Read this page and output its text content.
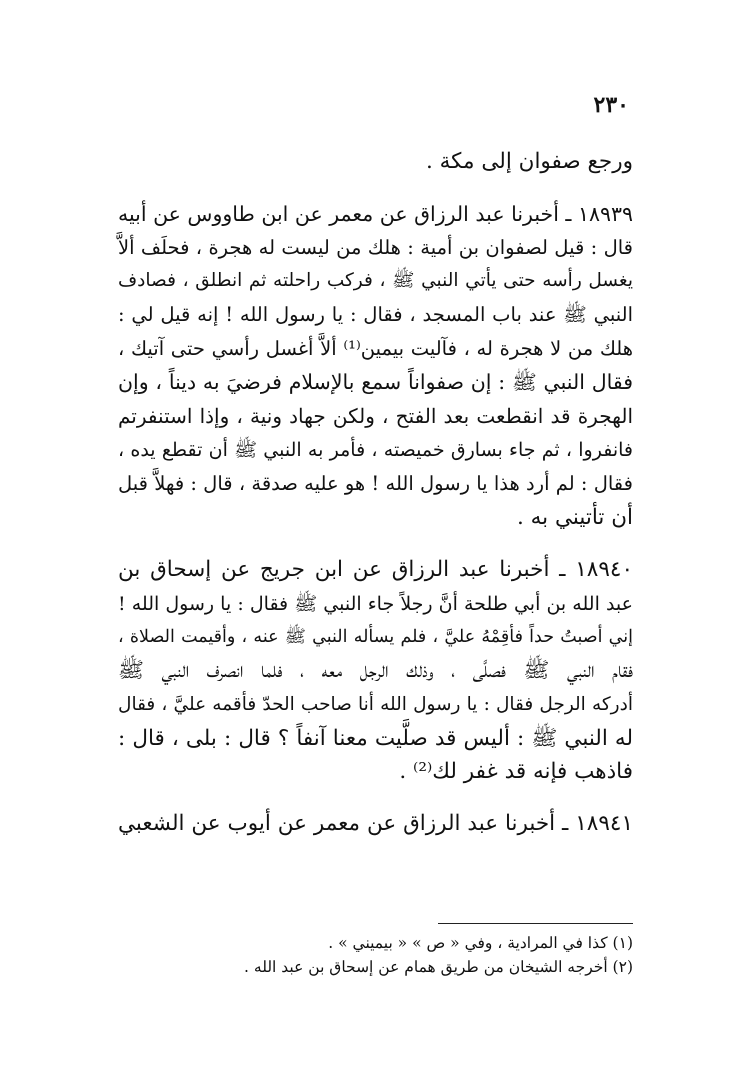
٢٣٠
ورجع صفوان إلى مكة .
١٨٩٣٩ ـ أخبرنا عبد الرزاق عن معمر عن ابن طاووس عن أبيه
قال : قيل لصفوان بن أمية : هلك من ليست له هجرة ، فحلَف ألاَّ
يغسل رأسه حتى يأتي النبي ﷺ ، فركب راحلته ثم انطلق ، فصادف
النبي ﷺ عند باب المسجد ، فقال : يا رسول الله ! إنه قيل لي :
هلك من لا هجرة له ، فآليت بيمين⁽¹⁾ ألاَّ أغسل رأسي حتى آتيك ،
فقال النبي ﷺ : إن صفواناً سمع بالإسلام فرضيَ به ديناً ، وإن
الهجرة قد انقطعت بعد الفتح ، ولكن جهاد ونية ، وإذا استنفرتم
فانفروا ، ثم جاء بسارق خميصته ، فأمر به النبي ﷺ أن تقطع يده ،
فقال : لم أرد هذا يا رسول الله ! هو عليه صدقة ، قال : فهلاَّ قبل
أن تأتيني به .
١٨٩٤٠ ـ أخبرنا عبد الرزاق عن ابن جريج عن إسحاق بن
عبد الله بن أبي طلحة أنَّ رجلاً جاء النبي ﷺ فقال : يا رسول الله !
إني أصبتُ حداً فأقِمْهُ عليَّ ، فلم يسأله النبي ﷺ عنه ، وأقيمت الصلاة ،
فقام النبي ﷺ فصلَّى ، وذلك الرجل معه ، فلما انصرف النبي ﷺ
أدركه الرجل فقال : يا رسول الله أنا صاحب الحدّ فأقمه عليَّ ، فقال
له النبي ﷺ : أليس قد صلَّيت معنا آنفاً ؟ قال : بلى ، قال :
فاذهب فإنه قد غفر لك⁽²⁾ .
١٨٩٤١ ـ أخبرنا عبد الرزاق عن معمر عن أيوب عن الشعبي
(١) كذا في المرادية ، وفي « ص » « بيميني » .
(٢) أخرجه الشيخان من طريق همام عن إسحاق بن عبد الله .
